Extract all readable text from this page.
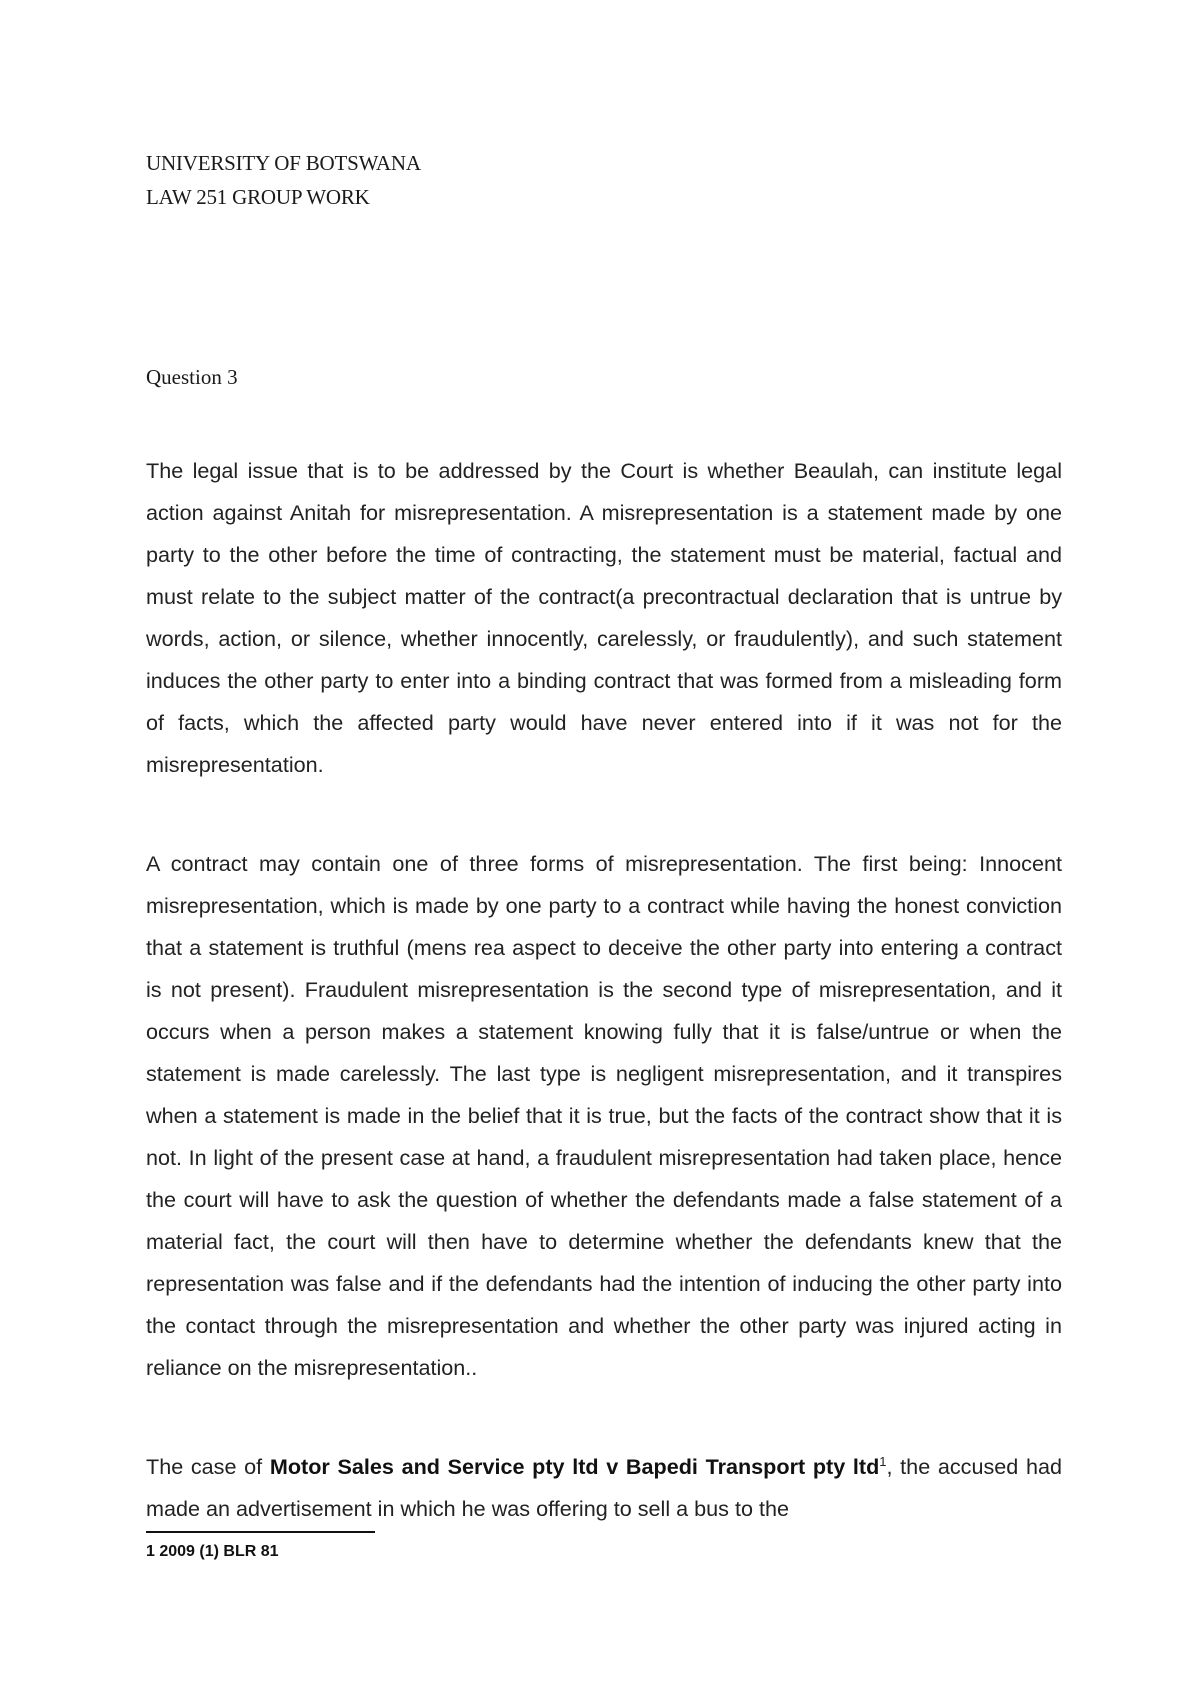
UNIVERSITY OF BOTSWANA
LAW 251 GROUP WORK
Question 3

The legal issue that is to be addressed by the Court is whether Beaulah, can institute legal action against Anitah for misrepresentation. A misrepresentation is a statement made by one party to the other before the time of contracting, the statement must be material, factual and must relate to the subject matter of the contract(a precontractual declaration that is untrue by words, action, or silence, whether innocently, carelessly, or fraudulently), and such statement induces the other party to enter into a binding contract that was formed from a misleading form of facts, which the affected party would have never entered into if it was not for the misrepresentation.

A contract may contain one of three forms of misrepresentation. The first being: Innocent misrepresentation, which is made by one party to a contract while having the honest conviction that a statement is truthful (mens rea aspect to deceive the other party into entering a contract is not present). Fraudulent misrepresentation is the second type of misrepresentation, and it occurs when a person makes a statement knowing fully that it is false/untrue or when the statement is made carelessly. The last type is negligent misrepresentation, and it transpires when a statement is made in the belief that it is true, but the facts of the contract show that it is not. In light of the present case at hand, a fraudulent misrepresentation had taken place, hence the court will have to ask the question of whether the defendants made a false statement of a material fact, the court will then have to determine whether the defendants knew that the representation was false and if the defendants had the intention of inducing the other party into the contact through the misrepresentation and whether the other party was injured acting in reliance on the misrepresentation..

The case of Motor Sales and Service pty ltd v Bapedi Transport pty ltd$^1$, the accused had made an advertisement in which he was offering to sell a bus to the

1 2009 (1) BLR 81
